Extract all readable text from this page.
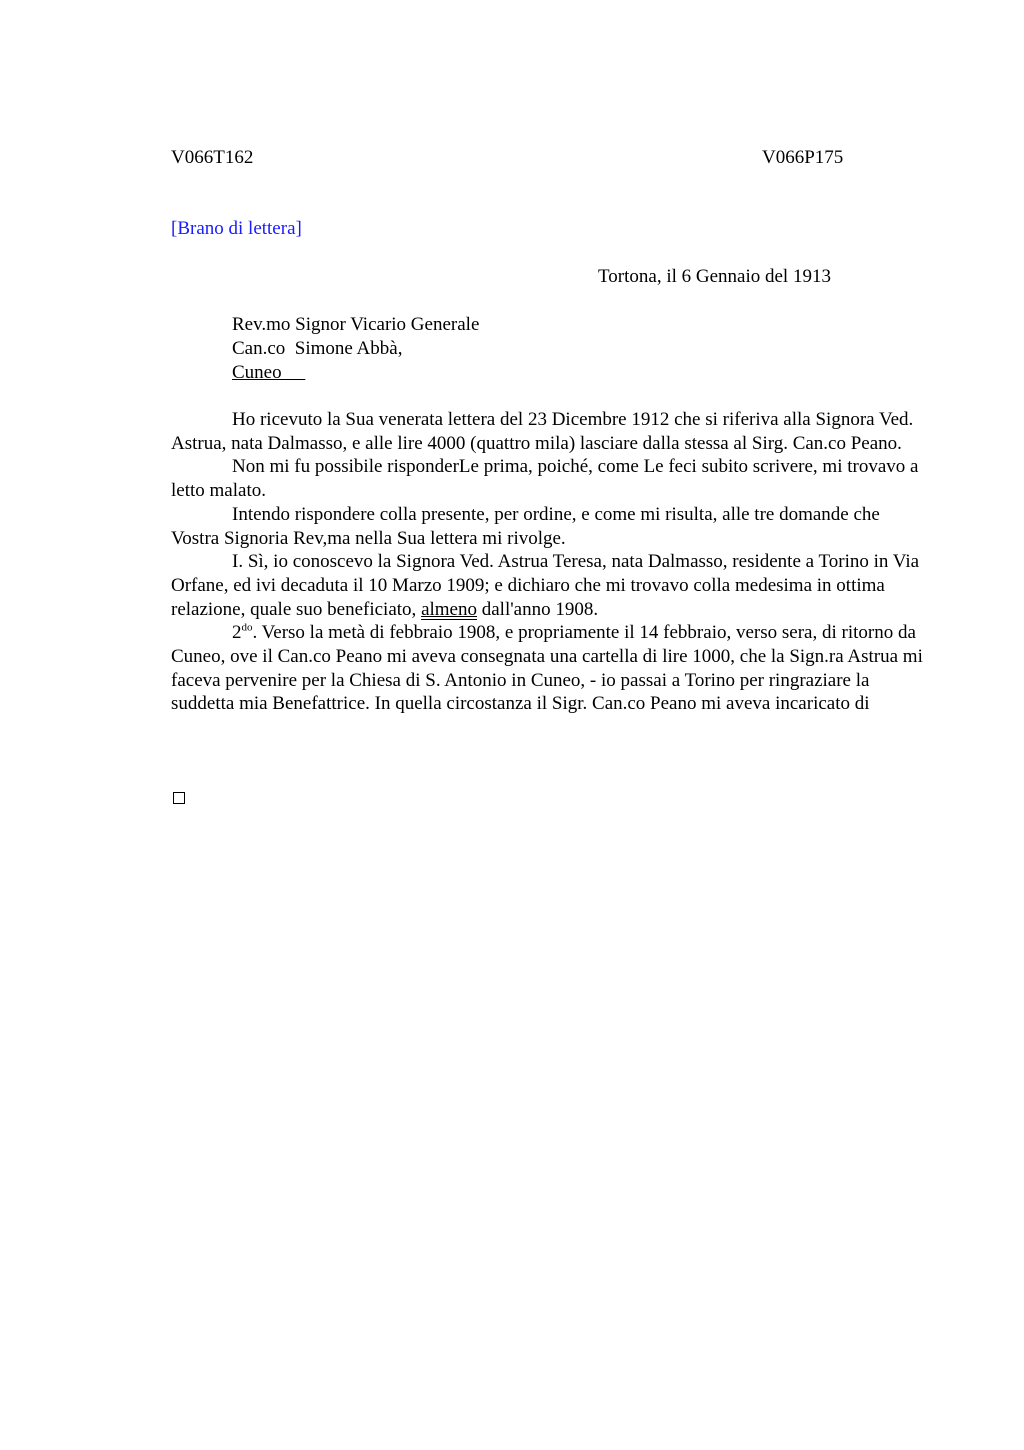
V066T162	V066P175
[Brano di lettera]
Tortona, il 6 Gennaio del 1913
Rev.mo Signor Vicario Generale
Can.co  Simone Abbà,
Cuneo

Ho ricevuto la Sua venerata lettera del 23 Dicembre 1912 che si riferiva alla Signora Ved. Astrua, nata Dalmasso, e alle lire 4000 (quattro mila) lasciare dalla stessa al Sirg. Can.co Peano.

Non mi fu possibile risponderLe prima, poiché, come Le feci subito scrivere, mi trovavo a letto malato.

Intendo rispondere colla presente, per ordine, e come mi risulta, alle tre domande che Vostra Signoria Rev,ma nella Sua lettera mi rivolge.

I. Sì, io conoscevo la Signora Ved. Astrua Teresa, nata Dalmasso, residente a Torino in Via Orfane, ed ivi decaduta il 10 Marzo 1909; e dichiaro che mi trovavo colla medesima in ottima relazione, quale suo beneficiato, almeno dall'anno 1908.

$2^{do}$. Verso la metà di febbraio 1908, e propriamente il 14 febbraio, verso sera, di ritorno da Cuneo, ove il Can.co Peano mi aveva consegnata una cartella di lire 1000, che la Sign.ra Astrua mi faceva pervenire per la Chiesa di S. Antonio in Cuneo, - io passai a Torino per ringraziare la suddetta mia Benefattrice. In quella circostanza il Sigr. Can.co Peano mi aveva incaricato di
